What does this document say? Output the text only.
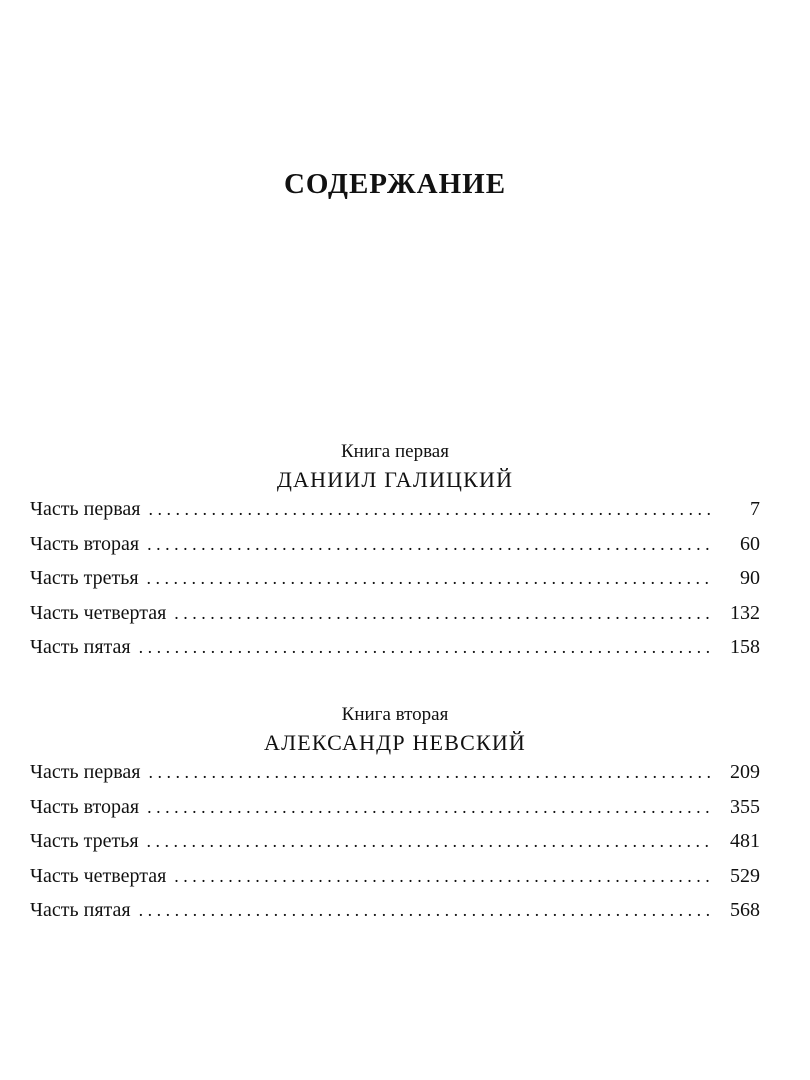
СОДЕРЖАНИЕ
Книга первая
ДАНИИЛ ГАЛИЦКИЙ
Часть первая . . .	7
Часть вторая . . .	60
Часть третья . . .	90
Часть четвертая . . .	132
Часть пятая . . .	158
Книга вторая
АЛЕКСАНДР НЕВСКИЙ
Часть первая . . .	209
Часть вторая . . .	355
Часть третья . . .	481
Часть четвертая . . .	529
Часть пятая . . .	568
